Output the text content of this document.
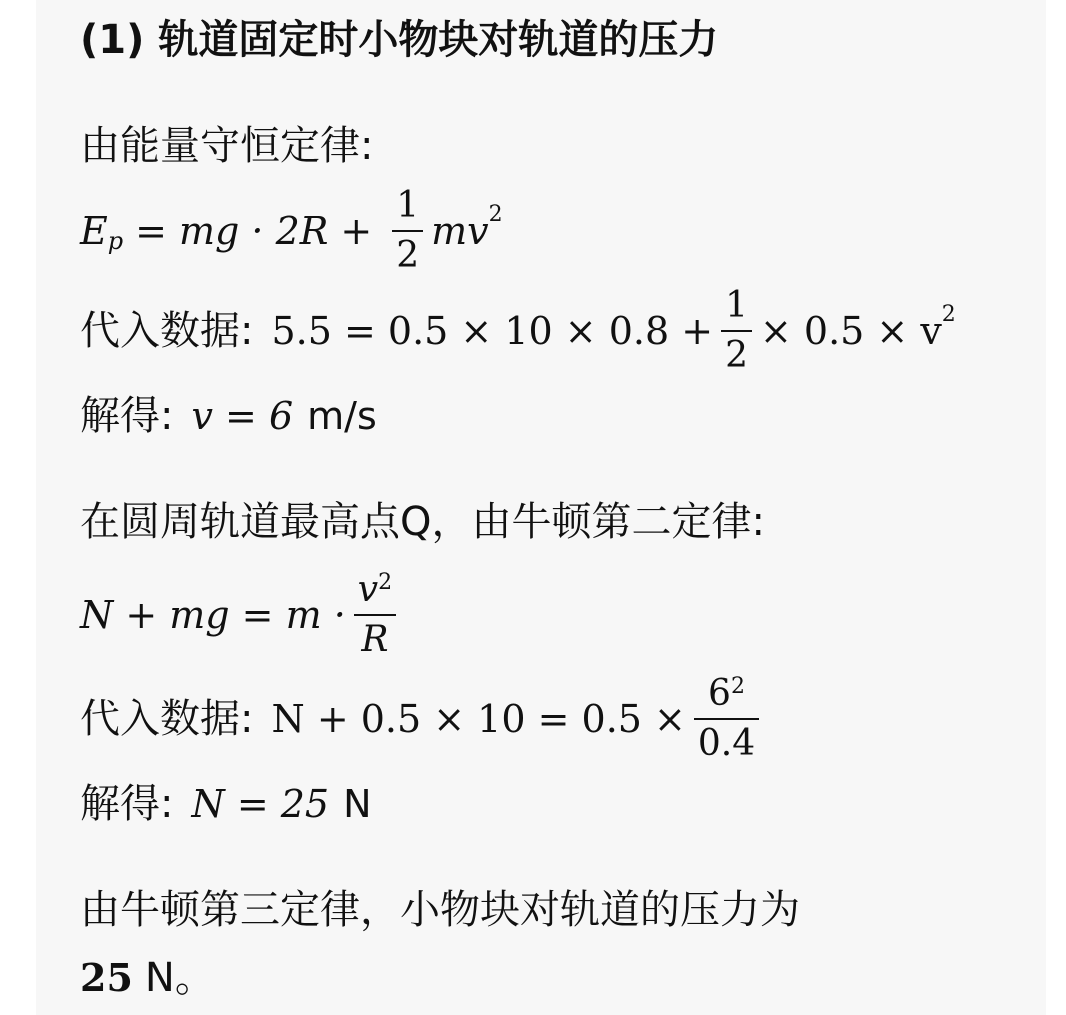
(1) 轨道固定时小物块对轨道的压力
由能量守恒定律:
E p = mg · $2R + \frac{1}{2}$ mv 2
代入数据: $5.5 = 0.5 \times 10 \times 0.8 + \frac{1}{2} \times 0.5 \times v$ 2
解得: v = 6 m/s
在圆周轨道最高点Q，由牛顿第二定律:
N + mg = $m \cdot \frac{v^2}{R}$
代入数据: $N + 0.5 \times 10 = 0.5 \times \frac{6^2}{0.4}$
解得: N = 25 N
由牛顿第三定律，小物块对轨道的压力为
25 N。
